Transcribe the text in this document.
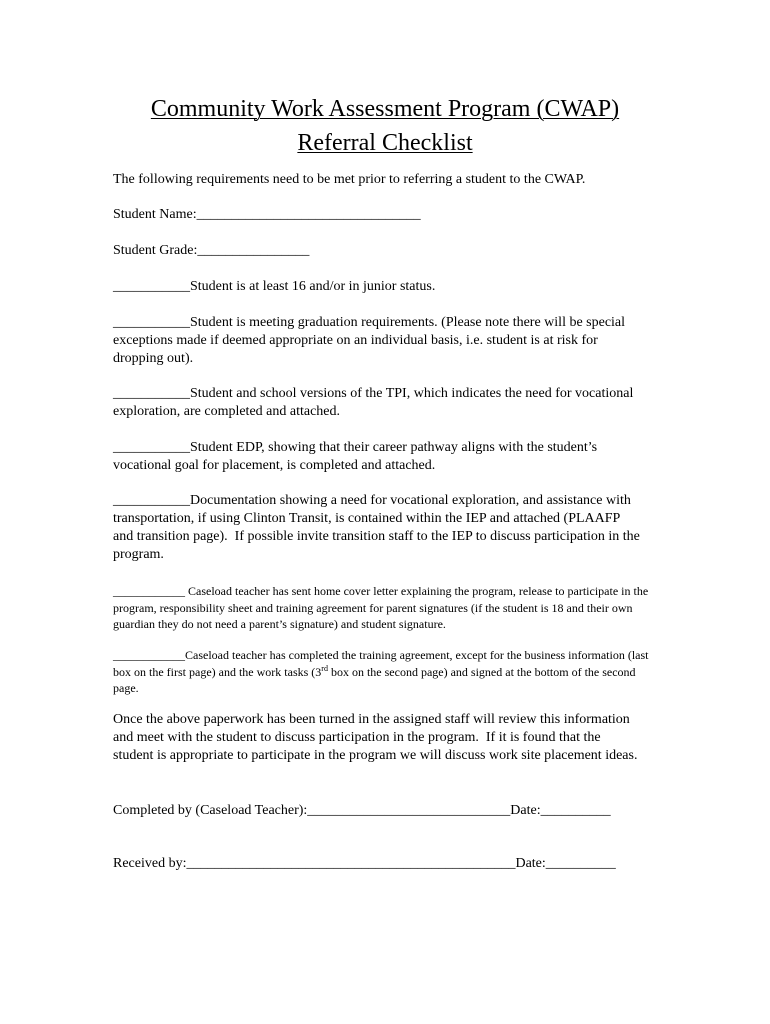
Community Work Assessment Program (CWAP)
Referral Checklist

The following requirements need to be met prior to referring a student to the CWAP.

Student Name:________________________________

Student Grade:________________

___________Student is at least 16 and/or in junior status.

___________Student is meeting graduation requirements. (Please note there will be special exceptions made if deemed appropriate on an individual basis, i.e. student is at risk for dropping out).

___________Student and school versions of the TPI, which indicates the need for vocational exploration, are completed and attached.

___________Student EDP, showing that their career pathway aligns with the student’s vocational goal for placement, is completed and attached.

___________Documentation showing a need for vocational exploration, and assistance with transportation, if using Clinton Transit, is contained within the IEP and attached (PLAAFP and transition page).  If possible invite transition staff to the IEP to discuss participation in the program.

____________ Caseload teacher has sent home cover letter explaining the program, release to participate in the program, responsibility sheet and training agreement for parent signatures (if the student is 18 and their own guardian they do not need a parent’s signature) and student signature.

____________Caseload teacher has completed the training agreement, except for the business information (last box on the first page) and the work tasks (3rd box on the second page) and signed at the bottom of the second page.

Once the above paperwork has been turned in the assigned staff will review this information and meet with the student to discuss participation in the program.  If it is found that the student is appropriate to participate in the program we will discuss work site placement ideas.

Completed by (Caseload Teacher):_____________________________Date:__________

Received by:_______________________________________________Date:__________
